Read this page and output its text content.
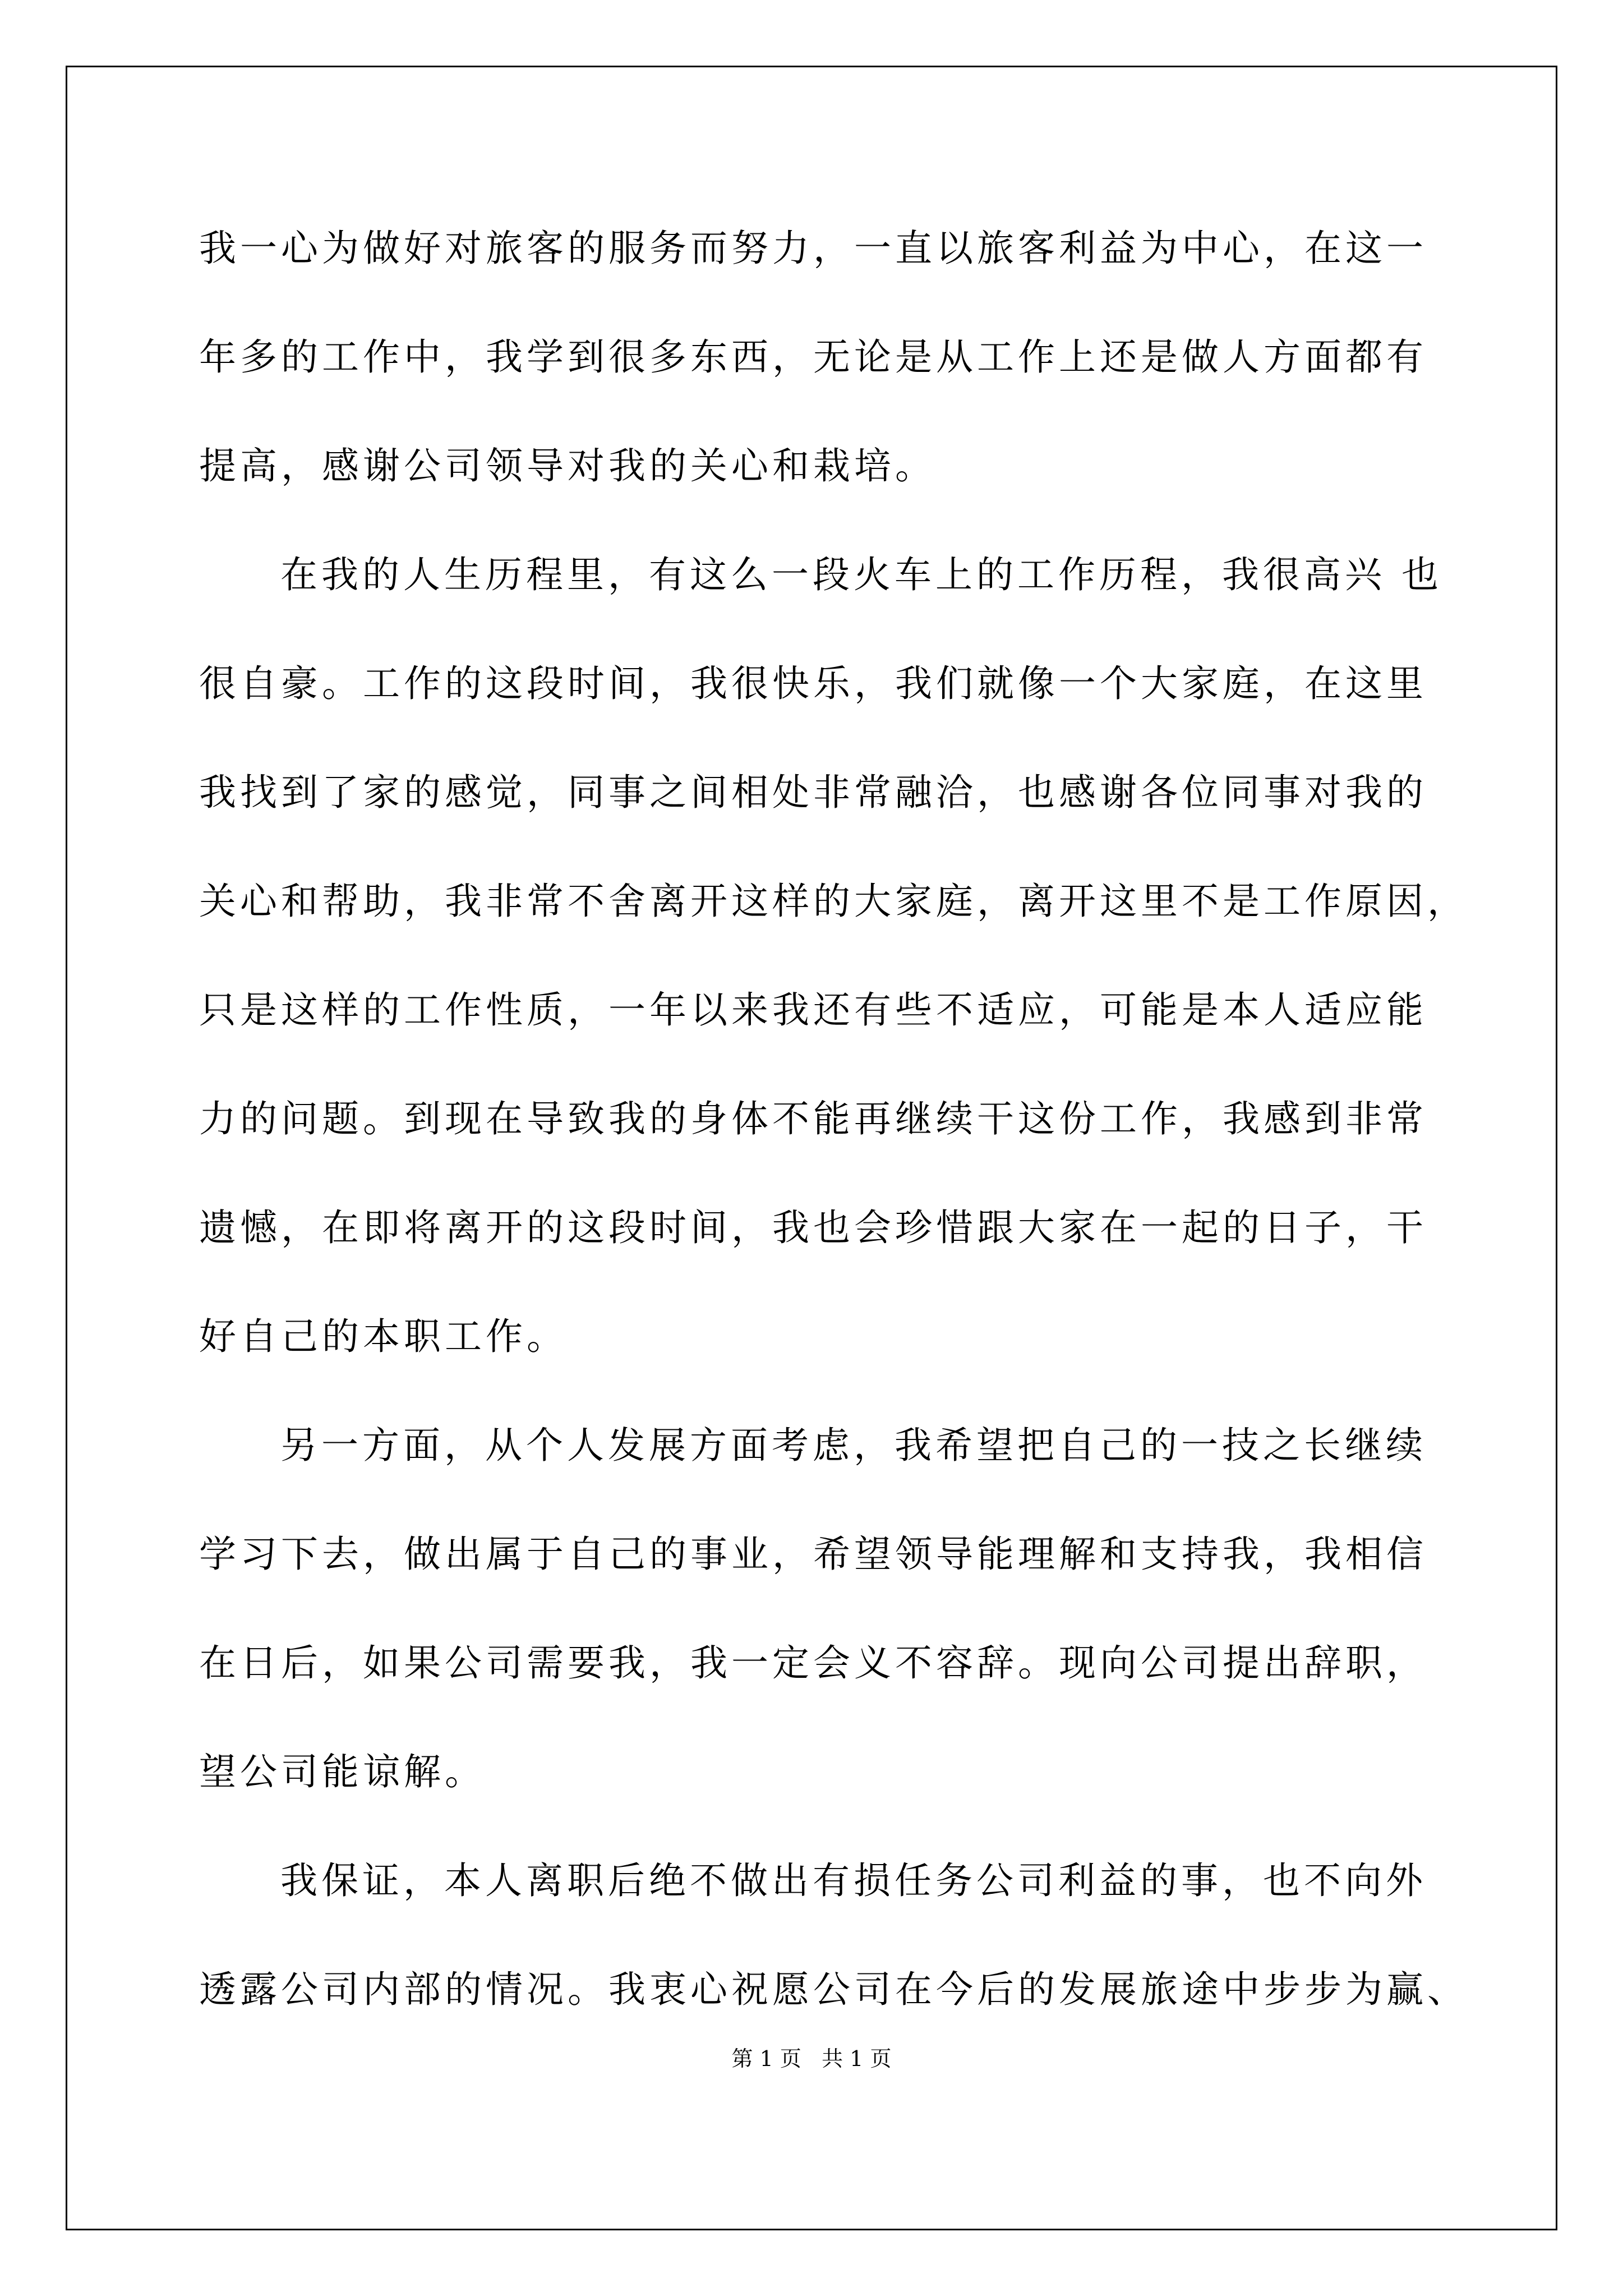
我一心为做好对旅客的服务而努力，一直以旅客利益为中心，在这一
年多的工作中，我学到很多东西，无论是从工作上还是做人方面都有
提高，感谢公司领导对我的关心和栽培。
在我的人生历程里，有这么一段火车上的工作历程，我很高兴 也
很自豪。工作的这段时间，我很快乐，我们就像一个大家庭，在这里
我找到了家的感觉，同事之间相处非常融洽，也感谢各位同事对我的
关心和帮助，我非常不舍离开这样的大家庭，离开这里不是工作原因，
只是这样的工作性质，一年以来我还有些不适应，可能是本人适应能
力的问题。到现在导致我的身体不能再继续干这份工作，我感到非常
遗憾，在即将离开的这段时间，我也会珍惜跟大家在一起的日子，干
好自己的本职工作。
另一方面，从个人发展方面考虑，我希望把自己的一技之长继续
学习下去，做出属于自己的事业，希望领导能理解和支持我，我相信
在日后，如果公司需要我，我一定会义不容辞。现向公司提出辞职，
望公司能谅解。
我保证，本人离职后绝不做出有损任务公司利益的事，也不向外
透露公司内部的情况。我衷心祝愿公司在今后的发展旅途中步步为赢、
第 1 页   共 1 页
